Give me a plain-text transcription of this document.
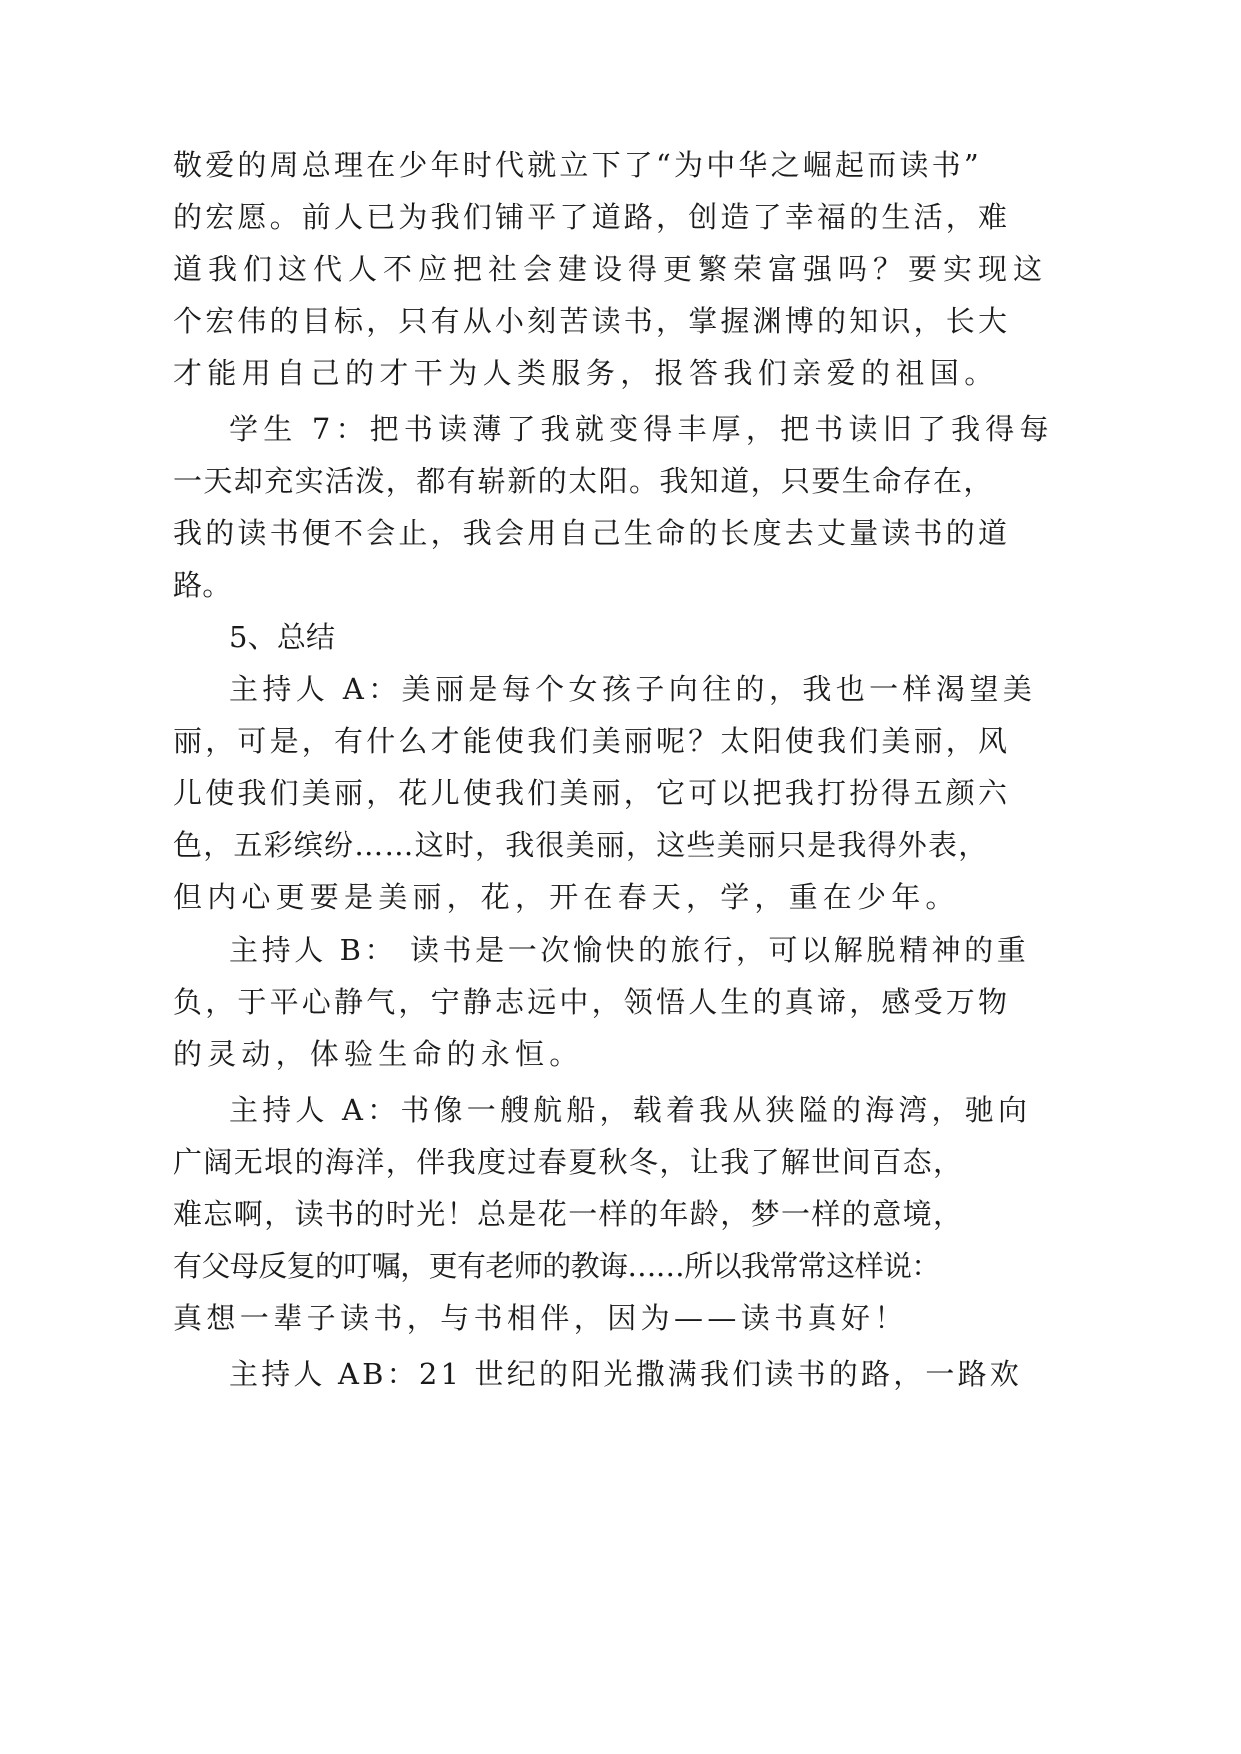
敬爱的周总理在少年时代就立下了“为中华之崛起而读书”

的宏愿。前人已为我们铺平了道路，创造了幸福的生活，难

道我们这代人不应把社会建设得更繁荣富强吗？要实现这

个宏伟的目标，只有从小刻苦读书，掌握渊博的知识，长大

才能用自己的才干为人类服务，报答我们亲爱的祖国。

学生 7：把书读薄了我就变得丰厚，把书读旧了我得每

一天却充实活泼，都有崭新的太阳。我知道，只要生命存在，

我的读书便不会止，我会用自己生命的长度去丈量读书的道

路。

5、总结

主持人 A：美丽是每个女孩子向往的，我也一样渴望美

丽，可是，有什么才能使我们美丽呢？太阳使我们美丽，风

儿使我们美丽，花儿使我们美丽，它可以把我打扮得五颜六

色，五彩缤纷……这时，我很美丽，这些美丽只是我得外表，

但内心更要是美丽，花，开在春天，学，重在少年。

主持人 B： 读书是一次愉快的旅行，可以解脱精神的重

负，于平心静气，宁静志远中，领悟人生的真谛，感受万物

的灵动，体验生命的永恒。

主持人 A：书像一艘航船，载着我从狭隘的海湾，驰向

广阔无垠的海洋，伴我度过春夏秋冬，让我了解世间百态，

难忘啊，读书的时光！总是花一样的年龄，梦一样的意境，

有父母反复的叮嘱，更有老师的教诲……所以我常常这样说：

真想一辈子读书，与书相伴，因为——读书真好！

主持人 AB：21 世纪的阳光撒满我们读书的路，一路欢
